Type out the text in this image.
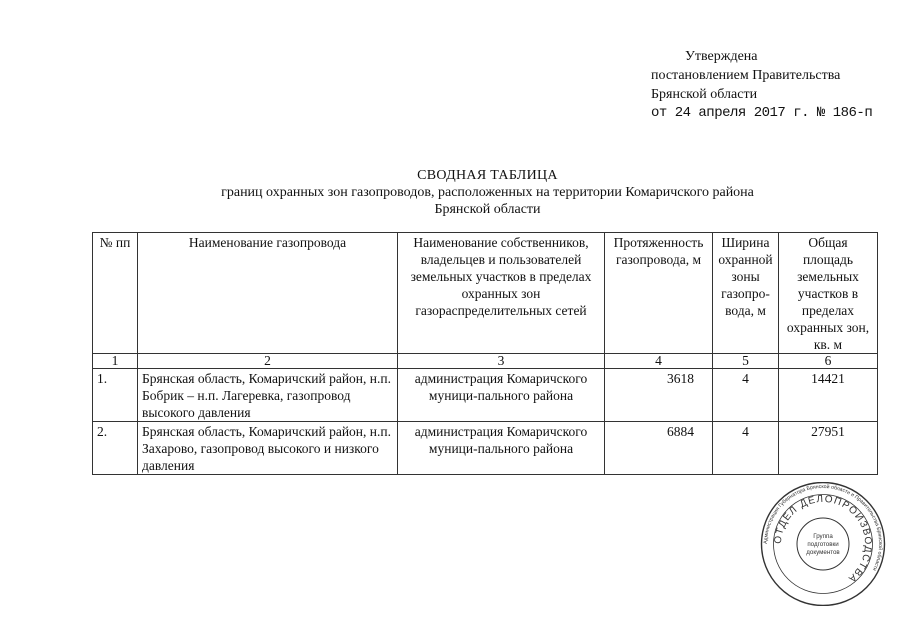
Утверждена
постановлением Правительства
Брянской области
от 24 апреля 2017 г. № 186-п
СВОДНАЯ ТАБЛИЦА
границ охранных зон газопроводов, расположенных на территории Комаричского района
Брянской области
№ пп	Наименование газопровода	Наименование собственников, владельцев и пользователей земельных участков в пределах охранных зон газораспределительных сетей	Протяженность газопровода, м	Ширина охранной зоны газопро-вода, м	Общая площадь земельных участков в пределах охранных зон, кв. м
1	2	3	4	5	6
1.	Брянская область, Комаричский район, н.п. Бобрик – н.п. Лагеревка, газопровод высокого давления	администрация Комаричского муници-пального района	3618	4	14421
2.	Брянская область, Комаричский район, н.п. Захарово, газопровод высокого и низкого давления	администрация Комаричского муници-пального района	6884	4	27951
Администрация Губернатора Брянской области и Правительства Брянской области
ОТДЕЛ ДЕЛОПРОИЗВОДСТВА
Группа
подготовки
документов
